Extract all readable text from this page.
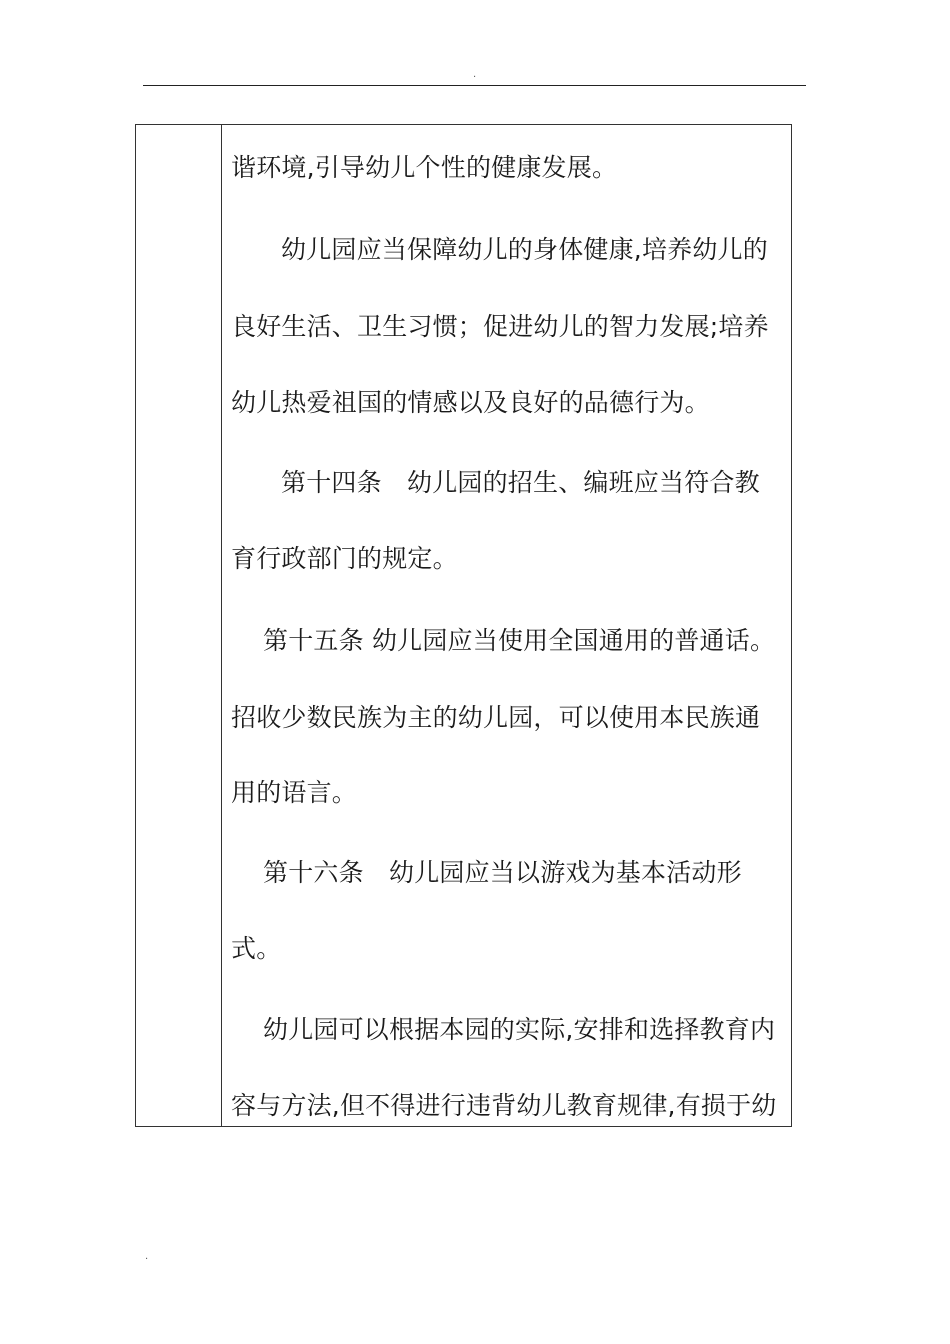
.
谐环境,引导幼儿个性的健康发展。
幼儿园应当保障幼儿的身体健康,培养幼儿的
良好生活、卫生习惯；促进幼儿的智力发展;培养
幼儿热爱祖国的情感以及良好的品德行为。
第十四条　幼儿园的招生、编班应当符合教
育行政部门的规定。
第十五条 幼儿园应当使用全国通用的普通话。
招收少数民族为主的幼儿园，可以使用本民族通
用的语言。
第十六条　幼儿园应当以游戏为基本活动形
式。
幼儿园可以根据本园的实际,安排和选择教育内
容与方法,但不得进行违背幼儿教育规律,有损于幼
.
